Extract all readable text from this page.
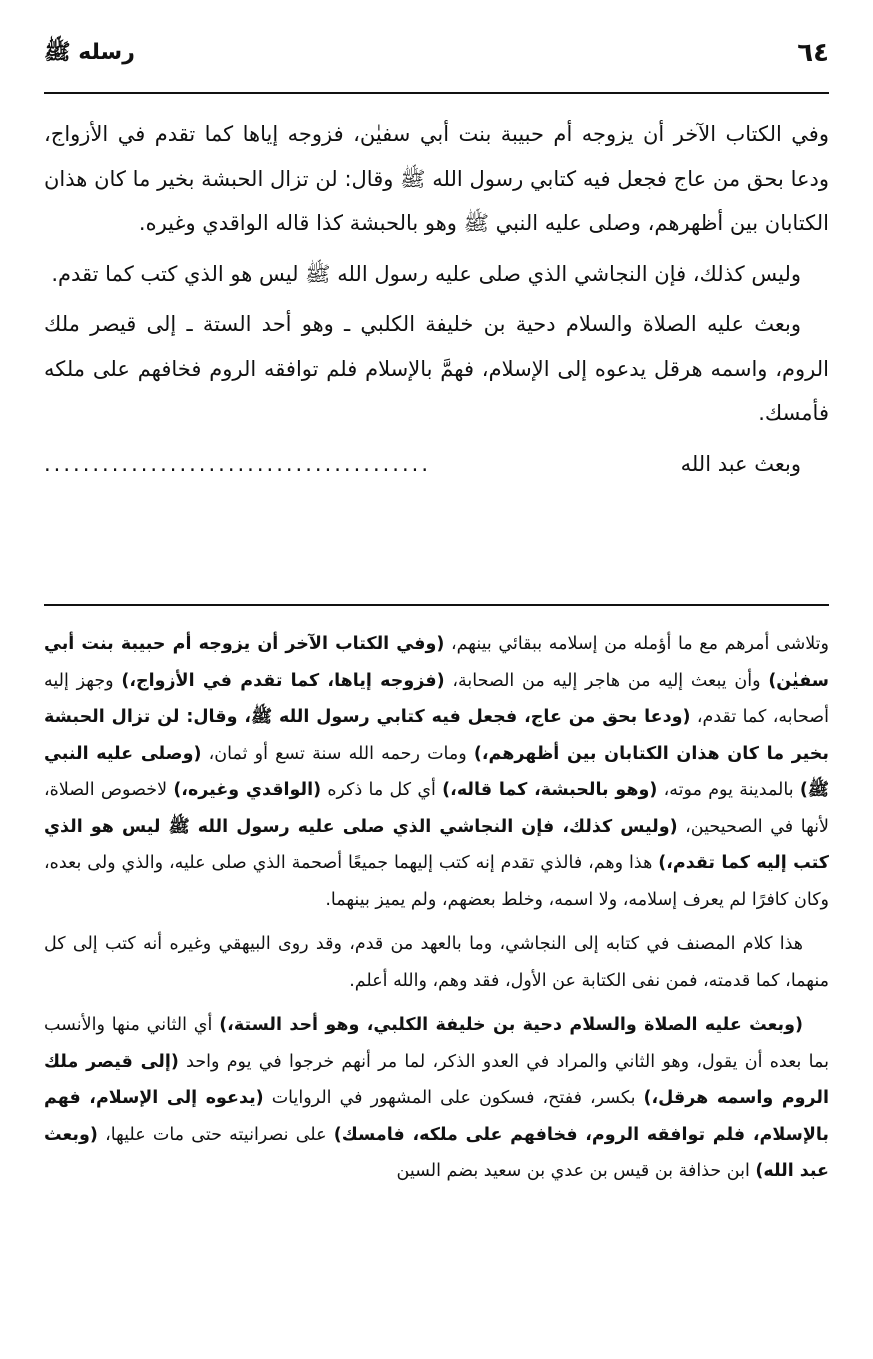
٦٤
رسله ﷺ

وفي الكتاب الآخر أن يزوجه أم حبيبة بنت أبي سفيٰن، فزوجه إياها كما تقدم في الأزواج، ودعا بحق من عاج فجعل فيه كتابي رسول الله ﷺ وقال: لن تزال الحبشة بخير ما كان هذان الكتابان بين أظهرهم، وصلى عليه النبي ﷺ وهو بالحبشة كذا قاله الواقدي وغيره.

وليس كذلك، فإن النجاشي الذي صلى عليه رسول الله ﷺ ليس هو الذي كتب كما تقدم.

وبعث عليه الصلاة والسلام دحية بن خليفة الكلبي ـ وهو أحد الستة ـ إلى قيصر ملك الروم، واسمه هرقل يدعوه إلى الإسلام، فهمَّ بالإسلام فلم توافقه الروم فخافهم على ملكه فأمسك.

وبعث عبد الله
........................................

وتلاشى أمرهم مع ما أؤمله من إسلامه ببقائي بينهم، (وفي الكتاب الآخر أن يزوجه أم حبيبة بنت أبي سفيٰن) وأن يبعث إليه من هاجر إليه من الصحابة، (فزوجه إياها، كما تقدم في الأزواج،) وجهز إليه أصحابه، كما تقدم، (ودعا بحق من عاج، فجعل فيه كتابي رسول الله ﷺ، وقال: لن تزال الحبشة بخير ما كان هذان الكتابان بين أظهرهم،) ومات رحمه الله سنة تسع أو ثمان، (وصلى عليه النبي ﷺ) بالمدينة يوم موته، (وهو بالحبشة، كما قاله،) أي كل ما ذكره (الواقدي وغيره،) لاخصوص الصلاة، لأنها في الصحيحين، (وليس كذلك، فإن النجاشي الذي صلى عليه رسول الله ﷺ ليس هو الذي كتب إليه كما تقدم،) هذا وهم، فالذي تقدم إنه كتب إليهما جميعًا أصحمة الذي صلى عليه، والذي ولى بعده، وكان كافرًا لم يعرف إسلامه، ولا اسمه، وخلط بعضهم، ولم يميز بينهما.

هذا كلام المصنف في كتابه إلى النجاشي، وما بالعهد من قدم، وقد روى البيهقي وغيره أنه كتب إلى كل منهما، كما قدمته، فمن نفى الكتابة عن الأول، فقد وهم، والله أعلم.

(وبعث عليه الصلاة والسلام دحية بن خليفة الكلبي، وهو أحد الستة،) أي الثاني منها والأنسب بما بعده أن يقول، وهو الثاني والمراد في العدو الذكر، لما مر أنهم خرجوا في يوم واحد (إلى قيصر ملك الروم واسمه هرقل،) بكسر، ففتح، فسكون على المشهور في الروايات (يدعوه إلى الإسلام، فهم بالإسلام، فلم توافقه الروم، فخافهم على ملكه، فامسك) على نصرانيته حتى مات عليها، (وبعث عبد الله) ابن حذافة بن قيس بن عدي بن سعيد بضم السين
